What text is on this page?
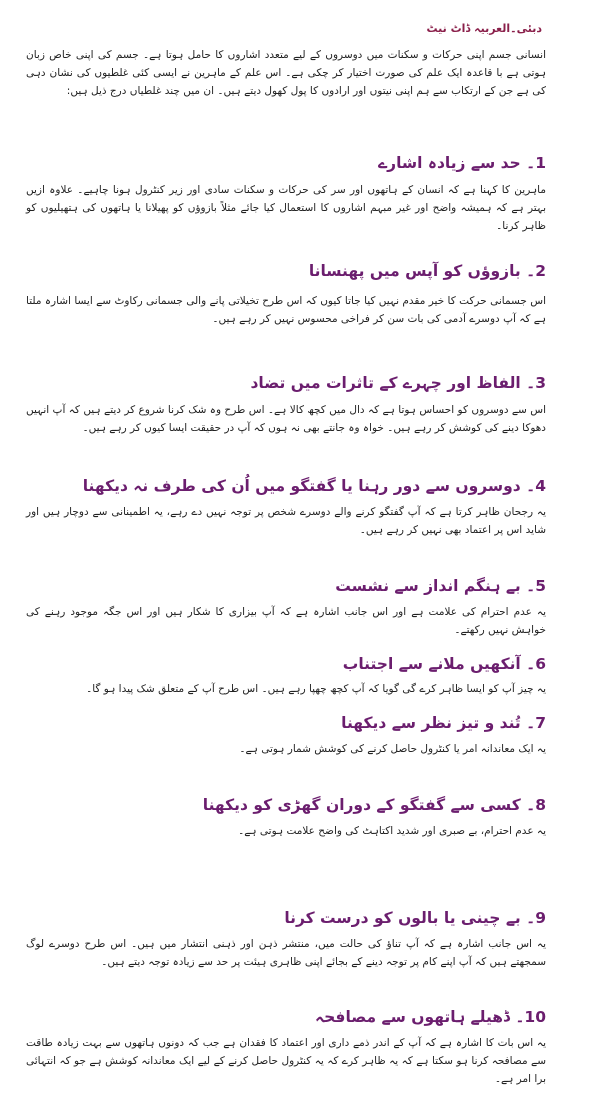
دبئی۔العربیہ ڈاٹ نیٹ
انسانی جسم اپنی حرکات و سکنات میں دوسروں کے لیے متعدد اشاروں کا حامل ہوتا ہے۔ جسم کی اپنی خاص زبان ہوتی ہے با قاعدہ ایک علم کی صورت اختیار کر چکی ہے۔ اس علم کے ماہرین نے ایسی کئی غلطیوں کی نشان دہی کی ہے جن کے ارتکاب سے ہم اپنی نیتوں اور ارادوں کا پول کھول دیتے ہیں۔ ان میں چند غلطیاں درج ذیل ہیں:
1۔ حد سے زیادہ اشارے
ماہرین کا کہنا ہے کہ انسان کے ہاتھوں اور سر کی حرکات و سکنات سادی اور زیر کنٹرول ہونا چاہیے۔ علاوہ ازیں بہتر ہے کہ ہمیشہ واضح اور غیر مبہم اشاروں کا استعمال کیا جائے مثلاً بازوؤں کو پھیلانا یا ہاتھوں کی ہتھیلیوں کو ظاہر کرنا۔
2۔ بازوؤں کو آپس میں پھنسانا
اس جسمانی حرکت کا خیر مقدم نہیں کیا جاتا کیوں کہ اس طرح تخیلاتی پانے والی جسمانی رکاوٹ سے ایسا اشارہ ملتا ہے کہ آپ دوسرے آدمی کی بات سن کر فراخی محسوس نہیں کر رہے ہیں۔
3۔ الفاظ اور چہرے کے تاثرات میں تضاد
اس سے دوسروں کو احساس ہوتا ہے کہ دال میں کچھ کالا ہے۔ اس طرح وہ شک کرنا شروع کر دیتے ہیں کہ آپ انہیں دھوکا دینے کی کوشش کر رہے ہیں۔ خواہ وہ جانتے بھی نہ ہوں کہ آپ در حقیقت ایسا کیوں کر رہے ہیں۔
4۔ دوسروں سے دور رہنا یا گفتگو میں اُن کی طرف نہ دیکھنا
یہ رجحان ظاہر کرتا ہے کہ آپ گفتگو کرنے والے دوسرے شخص پر توجہ نہیں دے رہے، یہ اطمینانی سے دوچار ہیں اور شاید اس پر اعتماد بھی نہیں کر رہے ہیں۔
5۔ بے ہنگم انداز سے نشست
یہ عدم احترام کی علامت ہے اور اس جانب اشارہ ہے کہ آپ بیزاری کا شکار ہیں اور اس جگہ موجود رہنے کی خواہش نہیں رکھتے۔
6۔ آنکھیں ملانے سے اجتناب
یہ چیز آپ کو ایسا ظاہر کرے گی گویا کہ آپ کچھ چھپا رہے ہیں۔ اس طرح آپ کے متعلق شک پیدا ہو گا۔
7۔ تُند و تیز نظر سے دیکھنا
یہ ایک معاندانہ امر یا کنٹرول حاصل کرنے کی کوشش شمار ہوتی ہے۔
8۔ کسی سے گفتگو کے دوران گھڑی کو دیکھنا
یہ عدم احترام، بے صبری اور شدید اکتاہٹ کی واضح علامت ہوتی ہے۔
9۔ بے چینی یا بالوں کو درست کرنا
یہ اس جانب اشارہ ہے کہ آپ تناؤ کی حالت میں، منتشر ذہن اور ذہنی انتشار میں ہیں۔ اس طرح دوسرے لوگ سمجھتے ہیں کہ آپ اپنے کام پر توجہ دینے کے بجائے اپنی ظاہری ہیئت پر حد سے زیادہ توجہ دیتے ہیں۔
10۔ ڈھیلے ہاتھوں سے مصافحہ
یہ اس بات کا اشارہ ہے کہ آپ کے اندر ذمے داری اور اعتماد کا فقدان ہے جب کہ دونوں ہاتھوں سے بہت زیادہ طاقت سے مصافحہ کرنا ہو سکتا ہے کہ یہ ظاہر کرے کہ یہ کنٹرول حاصل کرنے کے لیے ایک معاندانہ کوشش ہے جو کہ انتہائی برا امر ہے۔
